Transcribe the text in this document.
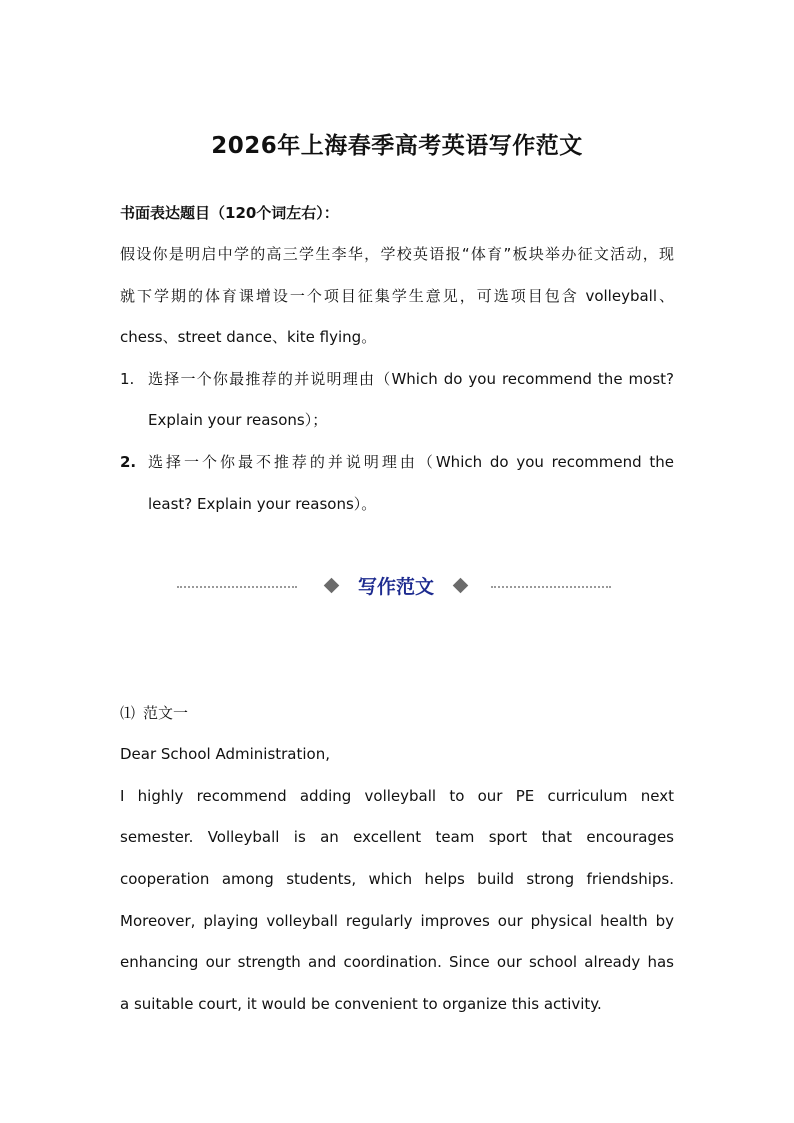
2026年上海春季高考英语写作范文
书面表达题目（120个词左右）：
假设你是明启中学的高三学生李华，学校英语报“体育”板块举办征文活动，现
就下学期的体育课增设一个项目征集学生意见，可选项目包含 volleyball、
chess、street dance、kite flying。
1. 选择一个你最推荐的并说明理由（Which do you recommend the most?
Explain your reasons）；
2. 选择一个你最不推荐的并说明理由（Which do you recommend the
least? Explain your reasons）。
写作范文
⑴ 范文一
Dear School Administration,
I highly recommend adding volleyball to our PE curriculum next
semester. Volleyball is an excellent team sport that encourages
cooperation among students, which helps build strong friendships.
Moreover, playing volleyball regularly improves our physical health by
enhancing our strength and coordination. Since our school already has
a suitable court, it would be convenient to organize this activity.
